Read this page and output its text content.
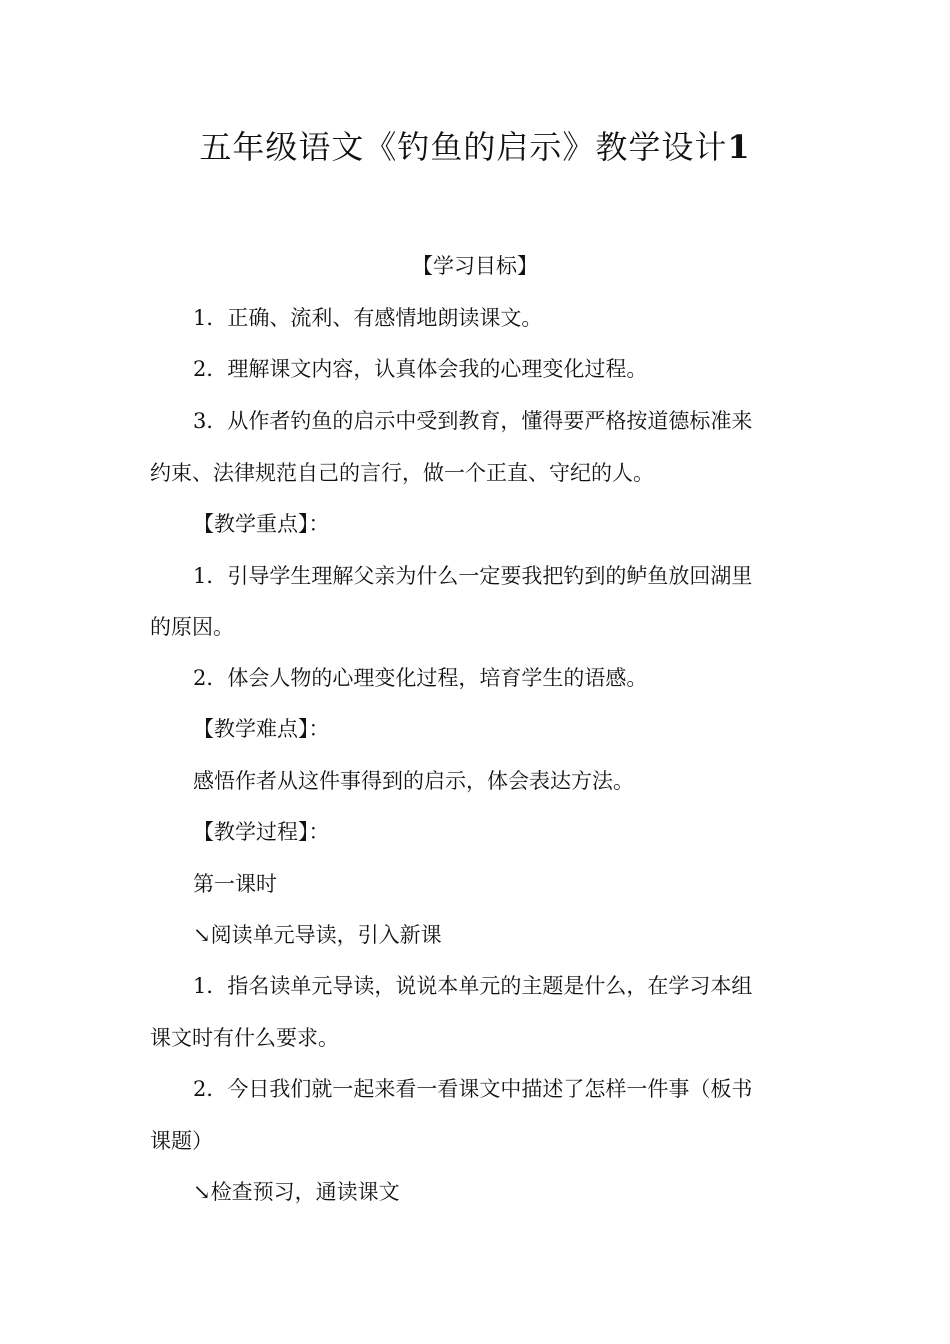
五年级语文《钓鱼的启示》教学设计1
【学习目标】
1．正确、流利、有感情地朗读课文。
2．理解课文内容，认真体会我的心理变化过程。
3．从作者钓鱼的启示中受到教育，懂得要严格按道德标准来
约束、法律规范自己的言行，做一个正直、守纪的人。
【教学重点】：
1．引导学生理解父亲为什么一定要我把钓到的鲈鱼放回湖里
的原因。
2．体会人物的心理变化过程，培育学生的语感。
【教学难点】：
感悟作者从这件事得到的启示，体会表达方法。
【教学过程】：
第一课时
↘阅读单元导读，引入新课
1．指名读单元导读，说说本单元的主题是什么，在学习本组
课文时有什么要求。
2．今日我们就一起来看一看课文中描述了怎样一件事（板书
课题）
↘检查预习，通读课文
